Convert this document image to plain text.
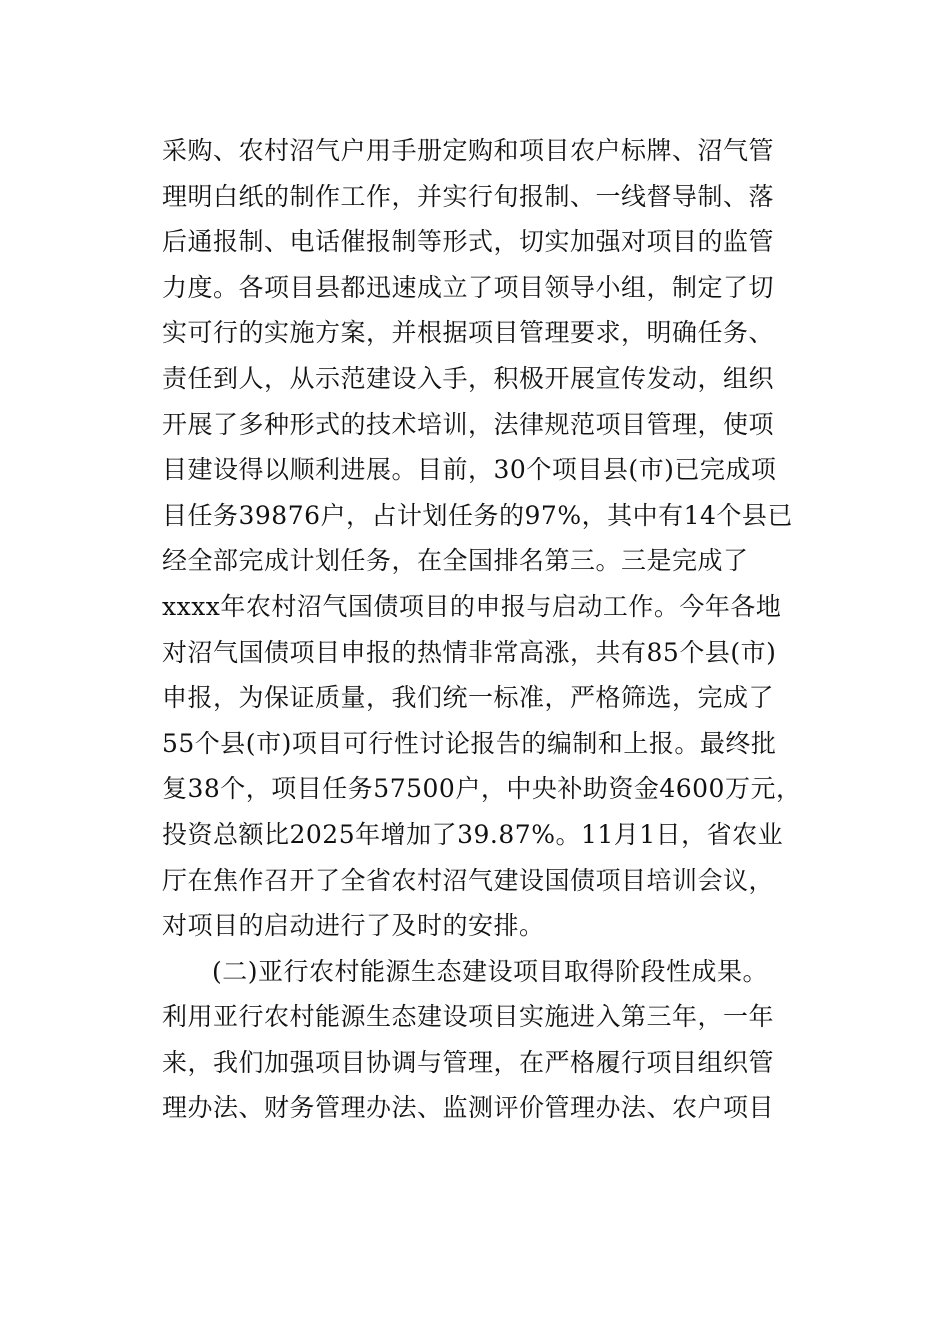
采购、农村沼气户用手册定购和项目农户标牌、沼气管
理明白纸的制作工作，并实行旬报制、一线督导制、落
后通报制、电话催报制等形式，切实加强对项目的监管
力度。各项目县都迅速成立了项目领导小组，制定了切
实可行的实施方案，并根据项目管理要求，明确任务、
责任到人，从示范建设入手，积极开展宣传发动，组织
开展了多种形式的技术培训，法律规范项目管理，使项
目建设得以顺利进展。目前，30个项目县(市)已完成项
目任务39876户，占计划任务的97%，其中有14个县已
经全部完成计划任务，在全国排名第三。三是完成了
xxxx年农村沼气国债项目的申报与启动工作。今年各地
对沼气国债项目申报的热情非常高涨，共有85个县(市)
申报，为保证质量，我们统一标准，严格筛选，完成了
55个县(市)项目可行性讨论报告的编制和上报。最终批
复38个，项目任务57500户，中央补助资金4600万元，
投资总额比2025年增加了39.87%。11月1日，省农业
厅在焦作召开了全省农村沼气建设国债项目培训会议，
对项目的启动进行了及时的安排。
(二)亚行农村能源生态建设项目取得阶段性成果。
利用亚行农村能源生态建设项目实施进入第三年，一年
来，我们加强项目协调与管理，在严格履行项目组织管
理办法、财务管理办法、监测评价管理办法、农户项目
